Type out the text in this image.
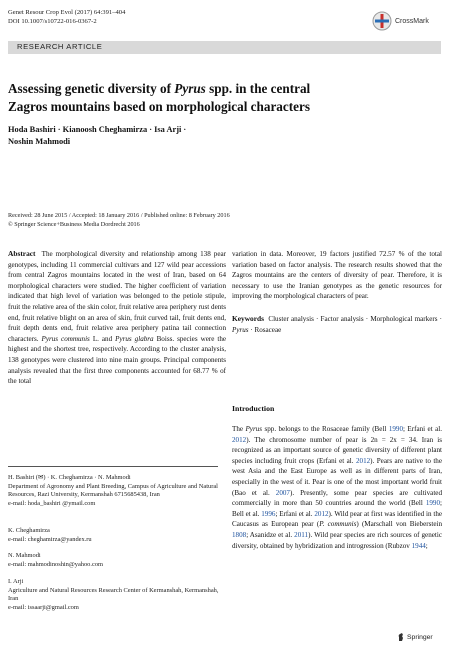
Genet Resour Crop Evol (2017) 64:391–404
DOI 10.1007/s10722-016-0367-2	CrossMark
RESEARCH ARTICLE
Assessing genetic diversity of Pyrus spp. in the central
Zagros mountains based on morphological characters
Hoda Bashiri · Kianoosh Cheghamirza · Isa Arji ·
Noshin Mahmodi
Received: 28 June 2015 / Accepted: 18 January 2016 / Published online: 8 February 2016
© Springer Science+Business Media Dordrecht 2016

Abstract The morphological diversity and relationship among 138 pear genotypes, including 11 commercial cultivars and 127 wild pear accessions from central Zagros mountains located in the west of Iran, based on 64 morphological characters were studied. The higher coefficient of variation indicated that high level of variation was belonged to the petiole stipule, fruit the relative area of the skin color, fruit relative area periphery rust dents end, fruit relative blight on an area of skin, fruit curved tail, fruit dents end, fruit depth dents end, fruit relative area periphery patina tail connection characters. Pyrus communis L. and Pyrus glabra Boiss. species were the highest and the shortest tree, respectively. According to the cluster analysis, 138 genotypes were clustered into nine main groups. Principal components analysis revealed that the first three components accounted for 68.77 % of the total

variation in data. Moreover, 19 factors justified 72.57 % of the total variation based on factor analysis. The research results showed that the Zagros mountains are the centers of diversity of pear. Therefore, it is necessary to use the Iranian genotypes as the genetic resources for improving the morphological characters of pear.

Keywords Cluster analysis · Factor analysis · Morphological markers · Pyrus · Rosaceae

Introduction

The Pyrus spp. belongs to the Rosaceae family (Bell 1990; Erfani et al. 2012). The chromosome number of pear is 2n = 2x = 34. Iran is recognized as an important source of genetic diversity of different plant species including fruit crops (Erfani et al. 2012). Pears are native to the west Asia and the East Europe as well as in different parts of Iran, especially in the west of it. Pear is one of the most important world fruit (Bao et al. 2007). Presently, some pear species are cultivated commercially in more than 50 countries around the world (Bell 1990; Bell et al. 1996; Erfani et al. 2012). Wild pear at first was identified in the Caucasus as European pear (P. communis) (Marschall von Bieberstein 1808; Asanidze et al. 2011). Wild pear species are rich sources of genetic diversity, obtained by hybridization and introgression (Rubzov 1944;

H. Bashiri (✉) · K. Cheghamirza · N. Mahmodi
Department of Agronomy and Plant Breeding, Campus of Agriculture and Natural Resources, Razi University, Kermanshah 6715685438, Iran
e-mail: hoda_bashiri @ymail.com
K. Cheghamirza
e-mail: cheghamirza@yandex.ru
N. Mahmodi
e-mail: mahmodinoshin@yahoo.com
I. Arji
Agriculture and Natural Resources Research Center of Kermanshah, Kermanshah, Iran
e-mail: issaarji@gmail.com
Springer
